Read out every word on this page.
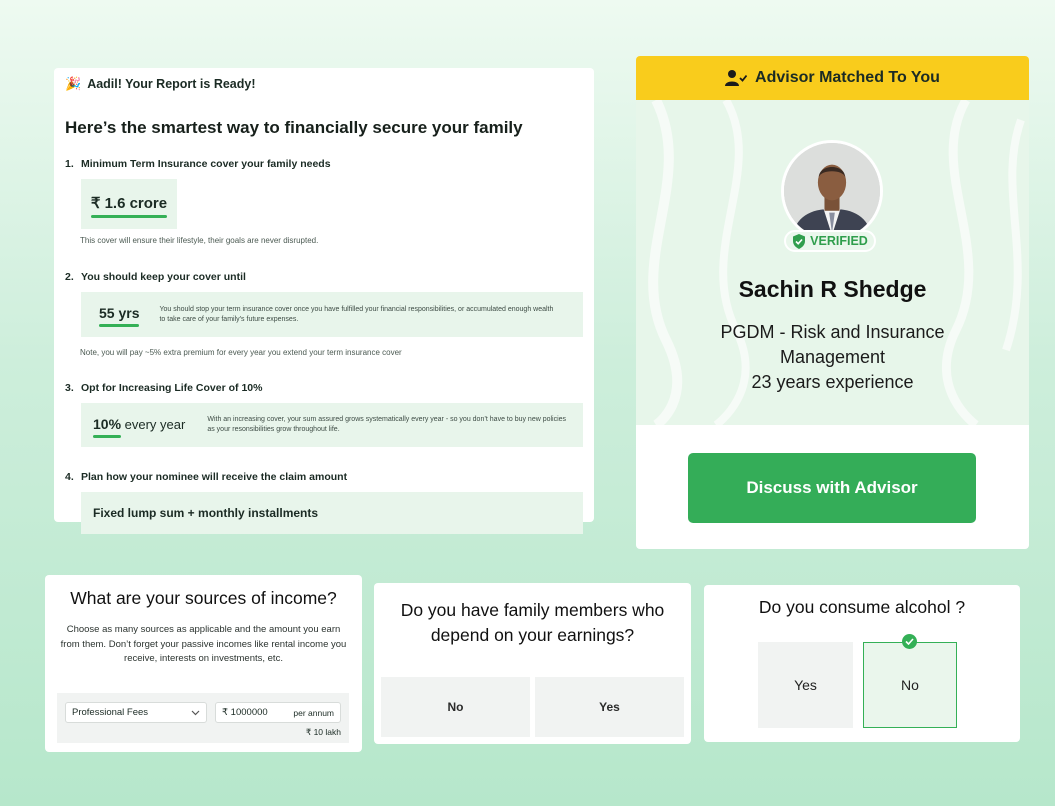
🎉 Aadil! Your Report is Ready!
Here’s the smartest way to financially secure your family
1. Minimum Term Insurance cover your family needs
₹ 1.6 crore
This cover will ensure their lifestyle, their goals are never disrupted.
2. You should keep your cover until
55 yrs	You should stop your term insurance cover once you have fulfilled your financial responsibilities, or accumulated enough wealth to take care of your family’s future expenses.
Note, you will pay ~5% extra premium for every year you extend your term insurance cover
3. Opt for Increasing Life Cover of 10%
10% every year	With an increasing cover, your sum assured grows systematically every year - so you don’t have to buy new policies as your resonsibilities grow throughout life.
4. Plan how your nominee will receive the claim amount
Fixed lump sum + monthly installments
Advisor Matched To You
VERIFIED
Sachin R Shedge
PGDM - Risk and Insurance Management
23 years experience
Discuss with Advisor
What are your sources of income?
Choose as many sources as applicable and the amount you earn from them. Don’t forget your passive incomes like rental income you receive, interests on investments, etc.
Professional Fees	₹ 1000000	per annum
₹ 10 lakh
Do you have family members who depend on your earnings?
No	Yes
Do you consume alcohol ?
Yes	No
